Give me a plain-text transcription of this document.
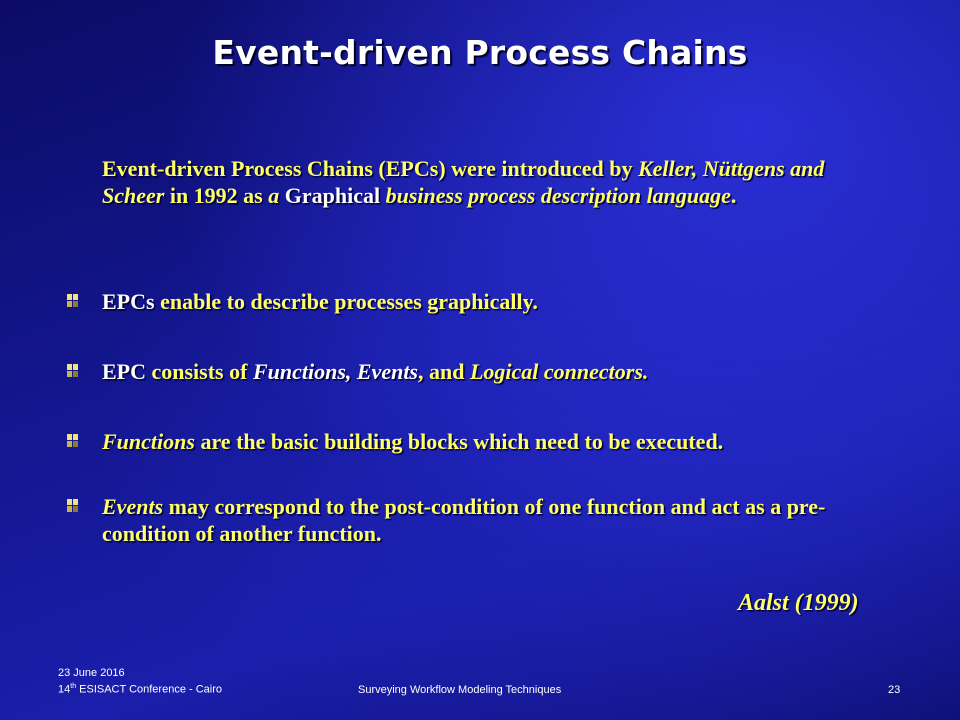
Event-driven Process Chains
Event-driven Process Chains (EPCs) were introduced by Keller, Nüttgens and Scheer in 1992 as a Graphical business process description language.
EPCs enable to describe processes graphically.
EPC consists of Functions, Events, and Logical connectors.
Functions are the basic building blocks which need to be executed.
Events may correspond to the post-condition of one function and act as a pre-condition of another function.
Aalst (1999)
23 June 2016
14th ESISACT Conference - Cairo	Surveying Workflow Modeling Techniques	23
